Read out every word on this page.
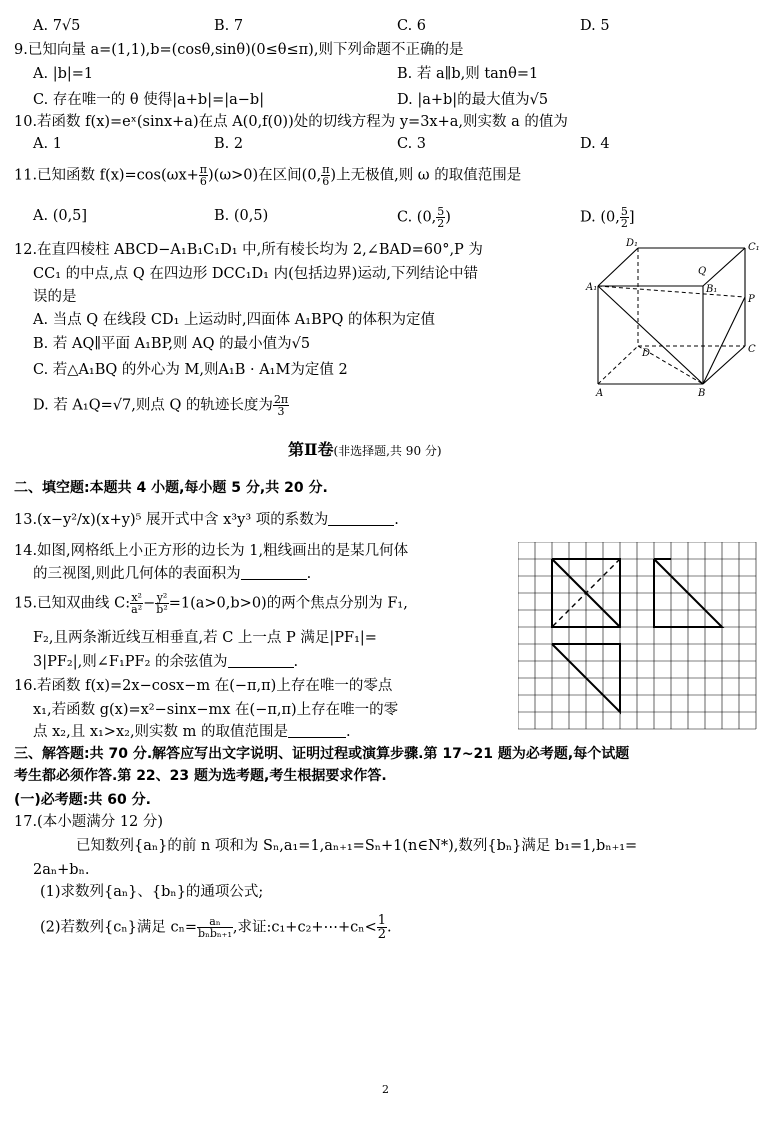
A. 7√5	B. 7	C. 6	D. 5
9.已知向量 a=(1,1),b=(cosθ,sinθ)(0≤θ≤π),则下列命题不正确的是
A. |b|=1	B. 若 a∥b,则 tanθ=1
C. 存在唯一的 θ 使得|a+b|=|a−b|	D. |a+b|的最大值为√5
10.若函数 f(x)=eˣ(sinx+a)在点 A(0,f(0))处的切线方程为 y=3x+a,则实数 a 的值为
A. 1	B. 2	C. 3	D. 4
11.已知函数 $f(x)=\cos(\omega x+ \frac{\pi}{6} )(\omega>0)$在区间(0, $\frac{\pi}{6}$ )上无极值,则 ω 的取值范围是
A. (0,5]	B. (0,5)	C. (0, $\frac{5}{2}$ )	D. (0, $\frac{5}{2}$ ]
12.在直四棱柱 ABCD−A₁B₁C₁D₁ 中,所有棱长均为 2,∠BAD=60°,P 为
CC₁ 的中点,点 Q 在四边形 DCC₁D₁ 内(包括边界)运动,下列结论中错
误的是
A. 当点 Q 在线段 CD₁ 上运动时,四面体 A₁BPQ 的体积为定值
B. 若 AQ∥平面 A₁BP,则 AQ 的最小值为√5
C. 若△A₁BQ 的外心为 M,则A₁B · A₁M为定值 2
D. 若 A₁Q=√7,则点 Q 的轨迹长度为 $\frac{2\pi}{3}$
D₁	C₁
Q
B₁
A₁
P
D	C
A	B
第Ⅱ卷(非选择题,共 90 分)
二、填空题:本题共 4 小题,每小题 5 分,共 20 分.
13.(x−y²/x)(x+y)⁵ 展开式中含 x³y³ 项的系数为	.
14.如图,网格纸上小正方形的边长为 1,粗线画出的是某几何体
的三视图,则此几何体的表面积为	.
15.已知双曲线 C: $\frac{\text{x²}}{\text{a²}} - \frac{\text{y²}}{\text{b²}} =1(a>0,b>0)$的两个焦点分别为 F₁,
F₂,且两条渐近线互相垂直,若 C 上一点 P 满足|PF₁|=
3|PF₂|,则∠F₁PF₂ 的余弦值为	.
16.若函数 f(x)=2x−cosx−m 在(−π,π)上存在唯一的零点
x₁,若函数 g(x)=x²−sinx−mx 在(−π,π)上存在唯一的零
点 x₂,且 x₁>x₂,则实数 m 的取值范围是	.
三、解答题:共 70 分.解答应写出文字说明、证明过程或演算步骤.第 17~21 题为必考题,每个试题
考生都必须作答.第 22、23 题为选考题,考生根据要求作答.
(一)必考题:共 60 分.
17.(本小题满分 12 分)
已知数列{aₙ}的前 n 项和为 Sₙ,a₁=1,aₙ₊₁=Sₙ+1(n∈N*),数列{bₙ}满足 b₁=1,bₙ₊₁=
2aₙ+bₙ.
(1)求数列{aₙ}、{bₙ}的通项公式;
(2)若数列{cₙ}满足 $c_n= \frac{\text{aₙ}}{\text{bₙbₙ₊₁}}$ ,求证:c₁+c₂+⋯+cₙ< $\frac{1}{2}$ .
2
